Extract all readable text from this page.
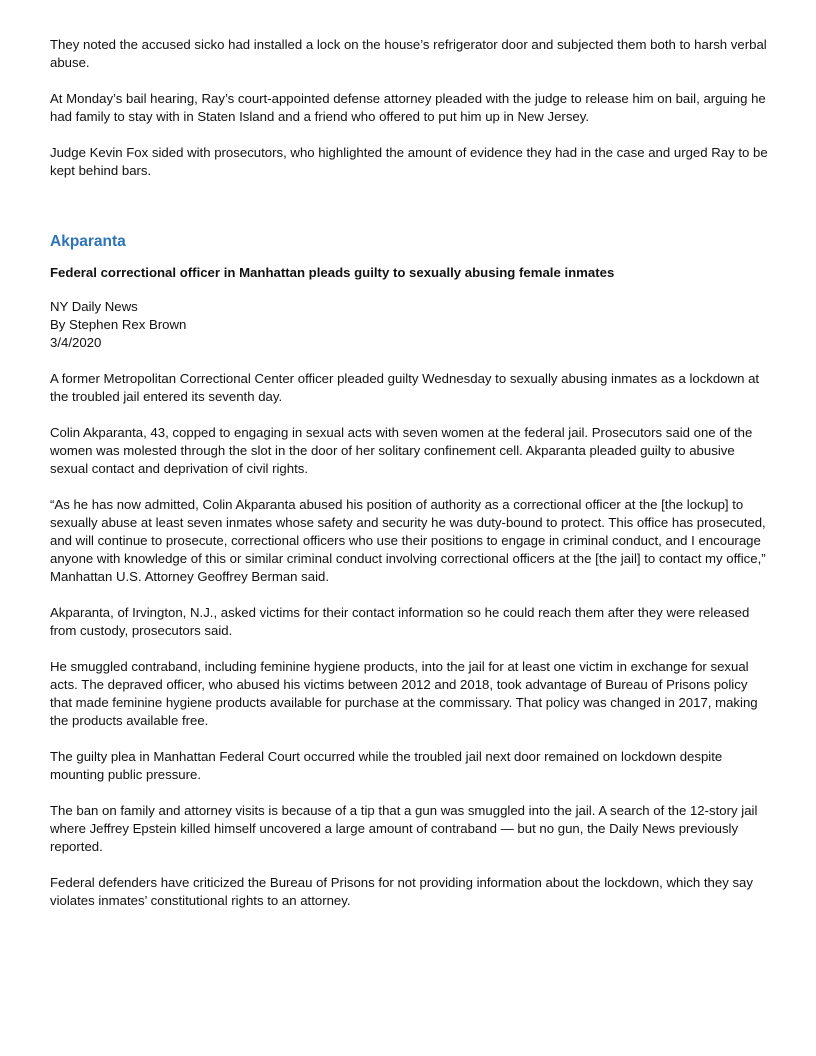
They noted the accused sicko had installed a lock on the house’s refrigerator door and subjected them both to harsh verbal abuse.

At Monday’s bail hearing, Ray’s court-appointed defense attorney pleaded with the judge to release him on bail, arguing he had family to stay with in Staten Island and a friend who offered to put him up in New Jersey.

Judge Kevin Fox sided with prosecutors, who highlighted the amount of evidence they had in the case and urged Ray to be kept behind bars.

Akparanta

Federal correctional officer in Manhattan pleads guilty to sexually abusing female inmates

NY Daily News
By Stephen Rex Brown
3/4/2020

A former Metropolitan Correctional Center officer pleaded guilty Wednesday to sexually abusing inmates as a lockdown at the troubled jail entered its seventh day.

Colin Akparanta, 43, copped to engaging in sexual acts with seven women at the federal jail. Prosecutors said one of the women was molested through the slot in the door of her solitary confinement cell. Akparanta pleaded guilty to abusive sexual contact and deprivation of civil rights.

“As he has now admitted, Colin Akparanta abused his position of authority as a correctional officer at the [the lockup] to sexually abuse at least seven inmates whose safety and security he was duty-bound to protect. This office has prosecuted, and will continue to prosecute, correctional officers who use their positions to engage in criminal conduct, and I encourage anyone with knowledge of this or similar criminal conduct involving correctional officers at the [the jail] to contact my office,” Manhattan U.S. Attorney Geoffrey Berman said.

Akparanta, of Irvington, N.J., asked victims for their contact information so he could reach them after they were released from custody, prosecutors said.

He smuggled contraband, including feminine hygiene products, into the jail for at least one victim in exchange for sexual acts. The depraved officer, who abused his victims between 2012 and 2018, took advantage of Bureau of Prisons policy that made feminine hygiene products available for purchase at the commissary. That policy was changed in 2017, making the products available free.

The guilty plea in Manhattan Federal Court occurred while the troubled jail next door remained on lockdown despite mounting public pressure.

The ban on family and attorney visits is because of a tip that a gun was smuggled into the jail. A search of the 12-story jail where Jeffrey Epstein killed himself uncovered a large amount of contraband — but no gun, the Daily News previously reported.

Federal defenders have criticized the Bureau of Prisons for not providing information about the lockdown, which they say violates inmates’ constitutional rights to an attorney.
